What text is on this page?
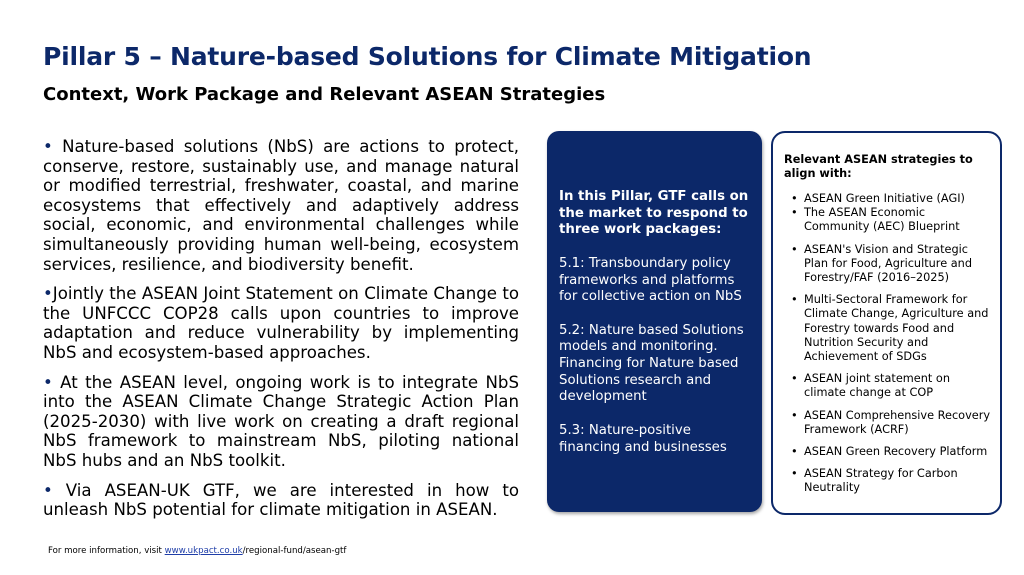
Pillar 5 – Nature-based Solutions for Climate Mitigation
Context, Work Package and Relevant ASEAN Strategies

• Nature-based solutions (NbS) are actions to protect, conserve, restore, sustainably use, and manage natural or modified terrestrial, freshwater, coastal, and marine ecosystems that effectively and adaptively address social, economic, and environmental challenges while simultaneously providing human well-being, ecosystem services, resilience, and biodiversity benefit.

•Jointly the ASEAN Joint Statement on Climate Change to the UNFCCC COP28 calls upon countries to improve adaptation and reduce vulnerability by implementing NbS and ecosystem-based approaches.

• At the ASEAN level, ongoing work is to integrate NbS into the ASEAN Climate Change Strategic Action Plan (2025-2030) with live work on creating a draft regional NbS framework to mainstream NbS, piloting national NbS hubs and an NbS toolkit.

• Via ASEAN-UK GTF, we are interested in how to unleash NbS potential for climate mitigation in ASEAN.

In this Pillar, GTF calls on the market to respond to three work packages:

5.1: Transboundary policy frameworks and platforms for collective action on NbS

5.2: Nature based Solutions models and monitoring. Financing for Nature based Solutions research and development

5.3: Nature-positive financing and businesses

Relevant ASEAN strategies to align with:
• ASEAN Green Initiative (AGI)
• The ASEAN Economic Community (AEC) Blueprint
• ASEAN's Vision and Strategic Plan for Food, Agriculture and Forestry/FAF (2016–2025)
• Multi-Sectoral Framework for Climate Change, Agriculture and Forestry towards Food and Nutrition Security and Achievement of SDGs
• ASEAN joint statement on climate change at COP
• ASEAN Comprehensive Recovery Framework (ACRF)
• ASEAN Green Recovery Platform
• ASEAN Strategy for Carbon Neutrality
For more information, visit www.ukpact.co.uk/regional-fund/asean-gtf
